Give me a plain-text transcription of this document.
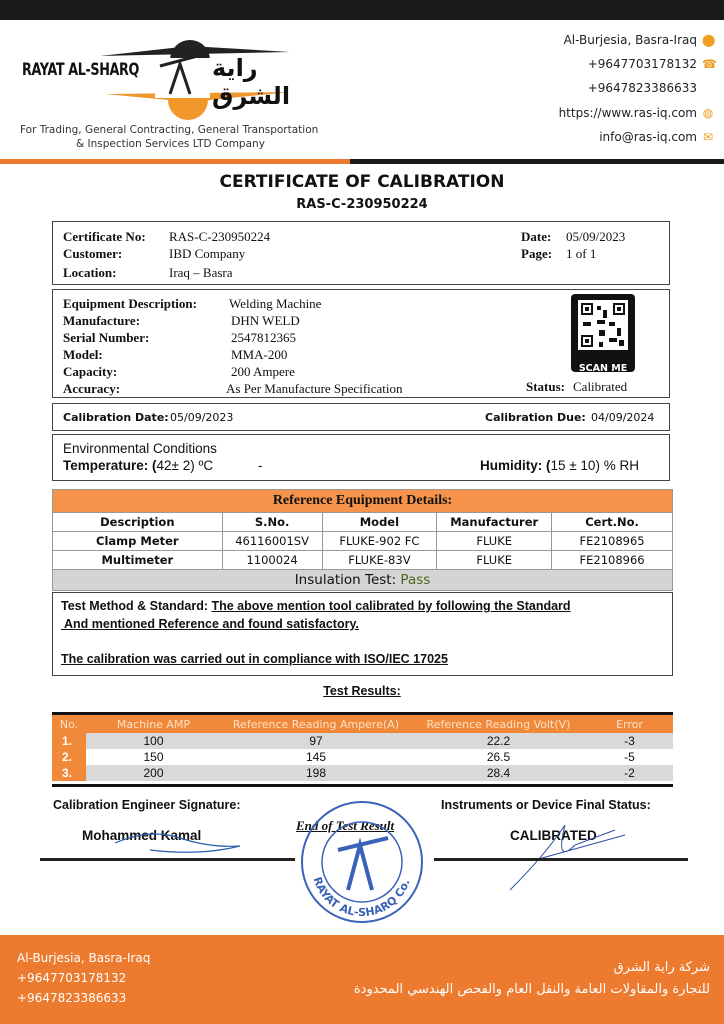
RAYAT AL-SHARQ	راية الشرق
For Trading, General Contracting, General Transportation
& Inspection Services LTD Company
Al-Burjesia, Basra-Iraq ⬤
+9647703178132 ☎
+9647823386633
https://www.ras-iq.com ◍
info@ras-iq.com ✉
CERTIFICATE OF CALIBRATION
RAS-C-230950224
Certificate No: RAS-C-230950224
Customer:	IBD Company
Location:	Iraq – Basra
Date: 05/09/2023
Page: 1 of 1
Equipment Description: Welding Machine
Manufacture:	DHN WELD
Serial Number:	2547812365
Model:	MMA-200
Capacity:	200 Ampere
Accuracy:	As Per Manufacture Specification
SCAN ME
Status: Calibrated
Calibration Date: 05/09/2023	Calibration Due: 04/09/2024
Environmental Conditions
Temperature: (42± 2) ºC	-	Humidity: (15 ± 10) % RH
Reference Equipment Details:				
Description	S.No.	Model	Manufacturer	Cert.No.
Clamp Meter	46116001SV	FLUKE-902 FC	FLUKE	FE2108965
Multimeter	1100024	FLUKE-83V	FLUKE	FE2108966
Insulation Test: Pass				
Test Method & Standard: The above mention tool calibrated by following the Standard
And mentioned Reference and found satisfactory.
The calibration was carried out in compliance with ISO/IEC 17025
Test Results:
No.	Machine AMP	Reference Reading Ampere(A)	Reference Reading Volt(V)	Error
1.	100	97	22.2	-3
2.	150	145	26.5	-5
3.	200	198	28.4	-2
Calibration Engineer Signature:
Mohammed Kamal
End of Test Result
RAYAT AL-SHARQ Co.
Instruments or Device Final Status:
CALIBRATED
Al-Burjesia, Basra-Iraq
+9647703178132
+9647823386633
شركة راية الشرق
للتجارة والمقاولات العامة والنقل العام والفحص الهندسي المحدودة
